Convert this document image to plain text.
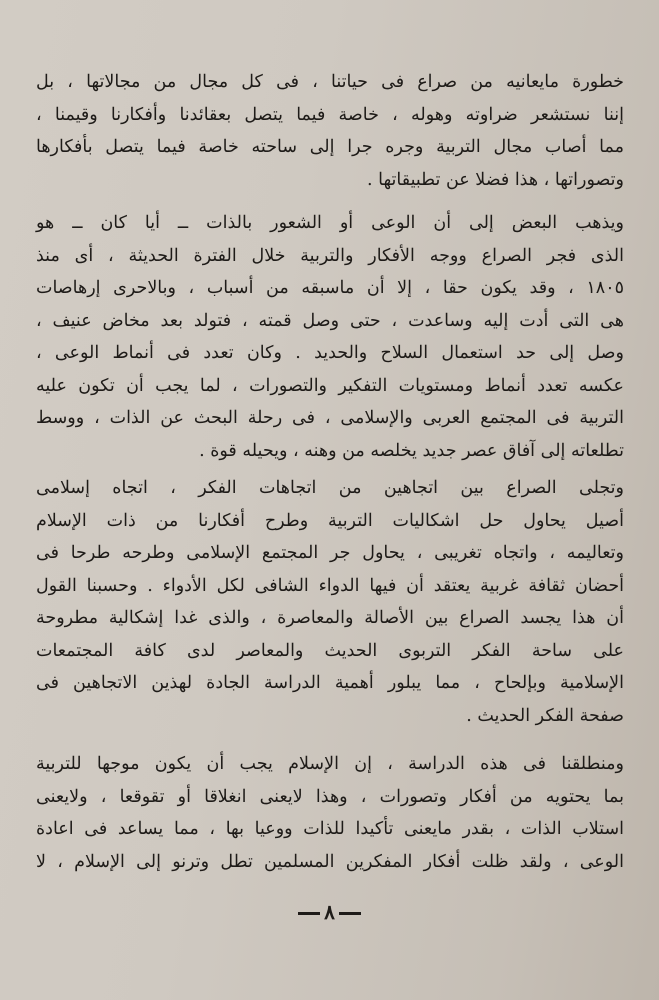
خطورة مايعانيه من صراع فى حياتنا ، فى كل مجال من مجالاتها ، بل
إننا نستشعر ضراوته وهوله ، خاصة فيما يتصل بعقائدنا وأفكارنا وقيمنا ،
مما أصاب مجال التربية وجره جرا إلى ساحته خاصة فيما يتصل بأفكارها
وتصوراتها ، هذا فضلا عن تطبيقاتها .
ويذهب البعض إلى أن الوعى أو الشعور بالذات ــ أيا كان ــ هو
الذى فجر الصراع ووجه الأفكار والتربية خلال الفترة الحديثة ، أى منذ
١٨٠٥ ، وقد يكون حقا ، إلا أن ماسبقه من أسباب ، وبالاحرى إرهاصات
هى التى أدت إليه وساعدت ، حتى وصل قمته ، فتولد بعد مخاض عنيف ،
وصل إلى حد استعمال السلاح والحديد . وكان تعدد فى أنماط الوعى ،
عكسه تعدد أنماط ومستويات التفكير والتصورات ، لما يجب أن تكون عليه
التربية فى المجتمع العربى والإسلامى ، فى رحلة البحث عن الذات ، ووسط
تطلعاته إلى آفاق عصر جديد يخلصه من وهنه ، ويحيله قوة .
وتجلى الصراع بين اتجاهين من اتجاهات الفكر ، اتجاه إسلامى
أصيل يحاول حل اشكاليات التربية وطرح أفكارنا من ذات الإسلام
وتعاليمه ، واتجاه تغريبى ، يحاول جر المجتمع الإسلامى وطرحه طرحا فى
أحضان ثقافة غربية يعتقد أن فيها الدواء الشافى لكل الأدواء . وحسبنا القول
أن هذا يجسد الصراع بين الأصالة والمعاصرة ، والذى غدا إشكالية مطروحة
على ساحة الفكر التربوى الحديث والمعاصر لدى كافة المجتمعات
الإسلامية وبإلحاح ، مما يبلور أهمية الدراسة الجادة لهذين الاتجاهين فى
صفحة الفكر الحديث .
ومنطلقنا فى هذه الدراسة ، إن الإسلام يجب أن يكون موجها للتربية
بما يحتويه من أفكار وتصورات ، وهذا لايعنى انغلاقا أو تقوقعا ، ولايعنى
استلاب الذات ، بقدر مايعنى تأكيدا للذات ووعيا بها ، مما يساعد فى اعادة
الوعى ، ولقد ظلت أفكار المفكرين المسلمين تطل وترنو إلى الإسلام ، لا
٨
